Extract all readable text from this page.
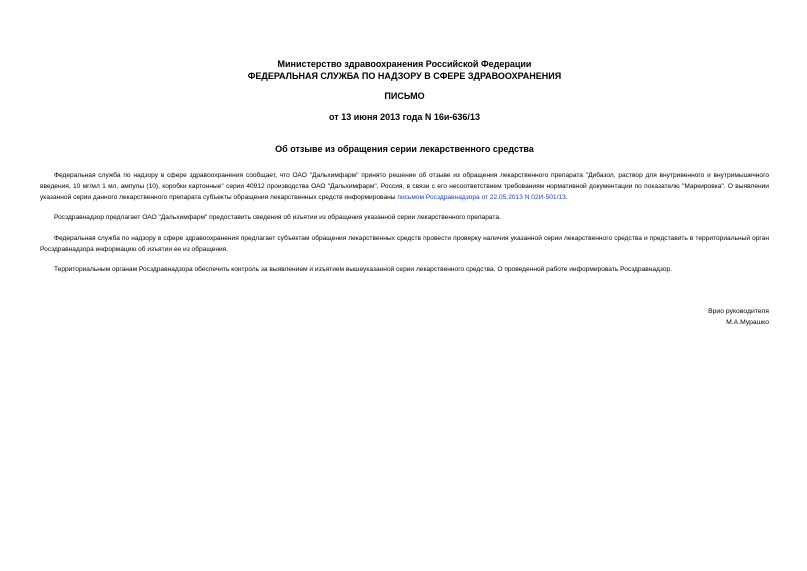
Министерство здравоохранения Российской Федерации
ФЕДЕРАЛЬНАЯ СЛУЖБА ПО НАДЗОРУ В СФЕРЕ ЗДРАВООХРАНЕНИЯ
ПИСЬМО
от 13 июня 2013 года N 16и-636/13
Об отзыве из обращения серии лекарственного средства

Федеральная служба по надзору в сфере здравоохранения сообщает, что ОАО "Дальхимфарм" принято решение об отзыве из обращения лекарственного препарата "Дибазол, раствор для внутривенного и внутримышечного введения, 10 мг/мл 1 мл, ампулы (10), коробки картонные" серии 40912 производства ОАО "Дальхимфарм", Россия, в связи с его несоответствием требованиям нормативной документации по показателю "Маркировка". О выявлении указанной серии данного лекарственного препарата субъекты обращения лекарственных средств информированы письмом Росздравнадзора от 22.05.2013 N 02И-501/13.

Росздравнадзор предлагает ОАО "Дальхимфарм" предоставить сведения об изъятии из обращения указанной серии лекарственного препарата.

Федеральная служба по надзору в сфере здравоохранения предлагает субъектам обращения лекарственных средств провести проверку наличия указанной серии лекарственного средства и представить в территориальный орган Росздравнадзора информацию об изъятии ее из обращения.

Территориальным органам Росздравнадзора обеспечить контроль за выявлением и изъятием вышеуказанной серии лекарственного средства. О проведенной работе информировать Росздравнадзор.

Врио руководителя
М.А.Мурашко
